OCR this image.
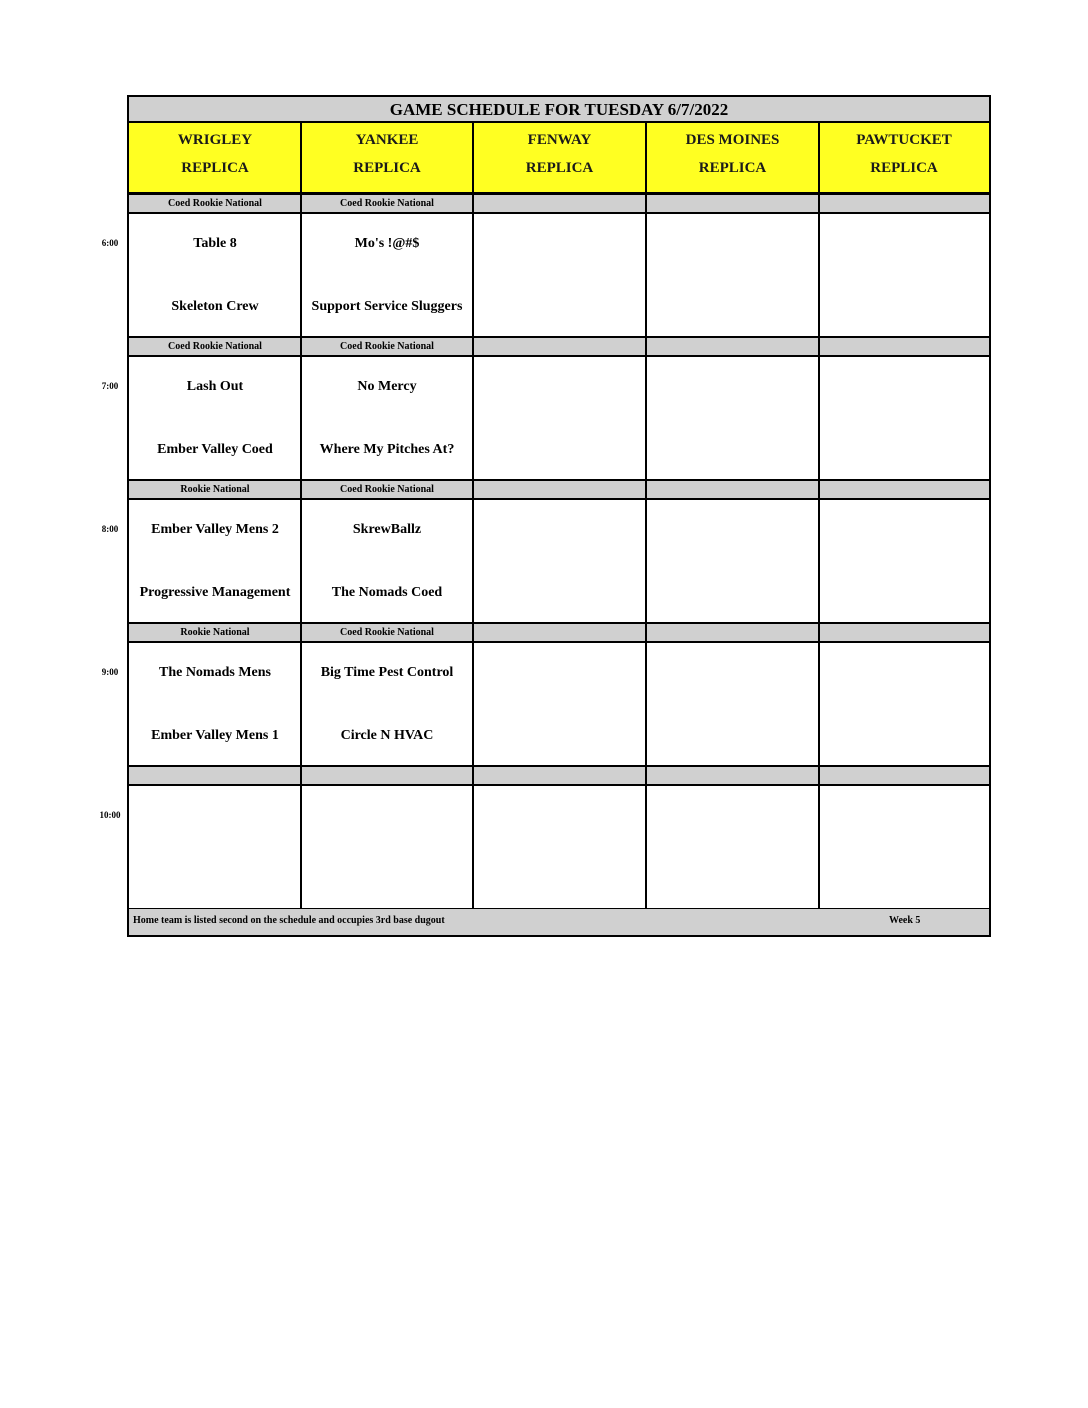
GAME SCHEDULE FOR TUESDAY 6/7/2022
WRIGLEY
REPLICA
YANKEE
REPLICA
FENWAY
REPLICA
DES MOINES
REPLICA
PAWTUCKET
REPLICA
Coed Rookie National
Table 8
Skeleton Crew
Coed Rookie National
Mo's !@#$
Support Service Sluggers
Coed Rookie National
Lash Out
Ember Valley Coed
Coed Rookie National
No Mercy
Where My Pitches At?
Rookie National
Ember Valley Mens 2
Progressive Management
Coed Rookie National
SkrewBallz
The Nomads Coed
Rookie National
The Nomads Mens
Ember Valley Mens 1
Coed Rookie National
Big Time Pest Control
Circle N HVAC
Home team is listed second on the schedule and occupies 3rd base dugout	Week 5
6:00
7:00
8:00
9:00
10:00
